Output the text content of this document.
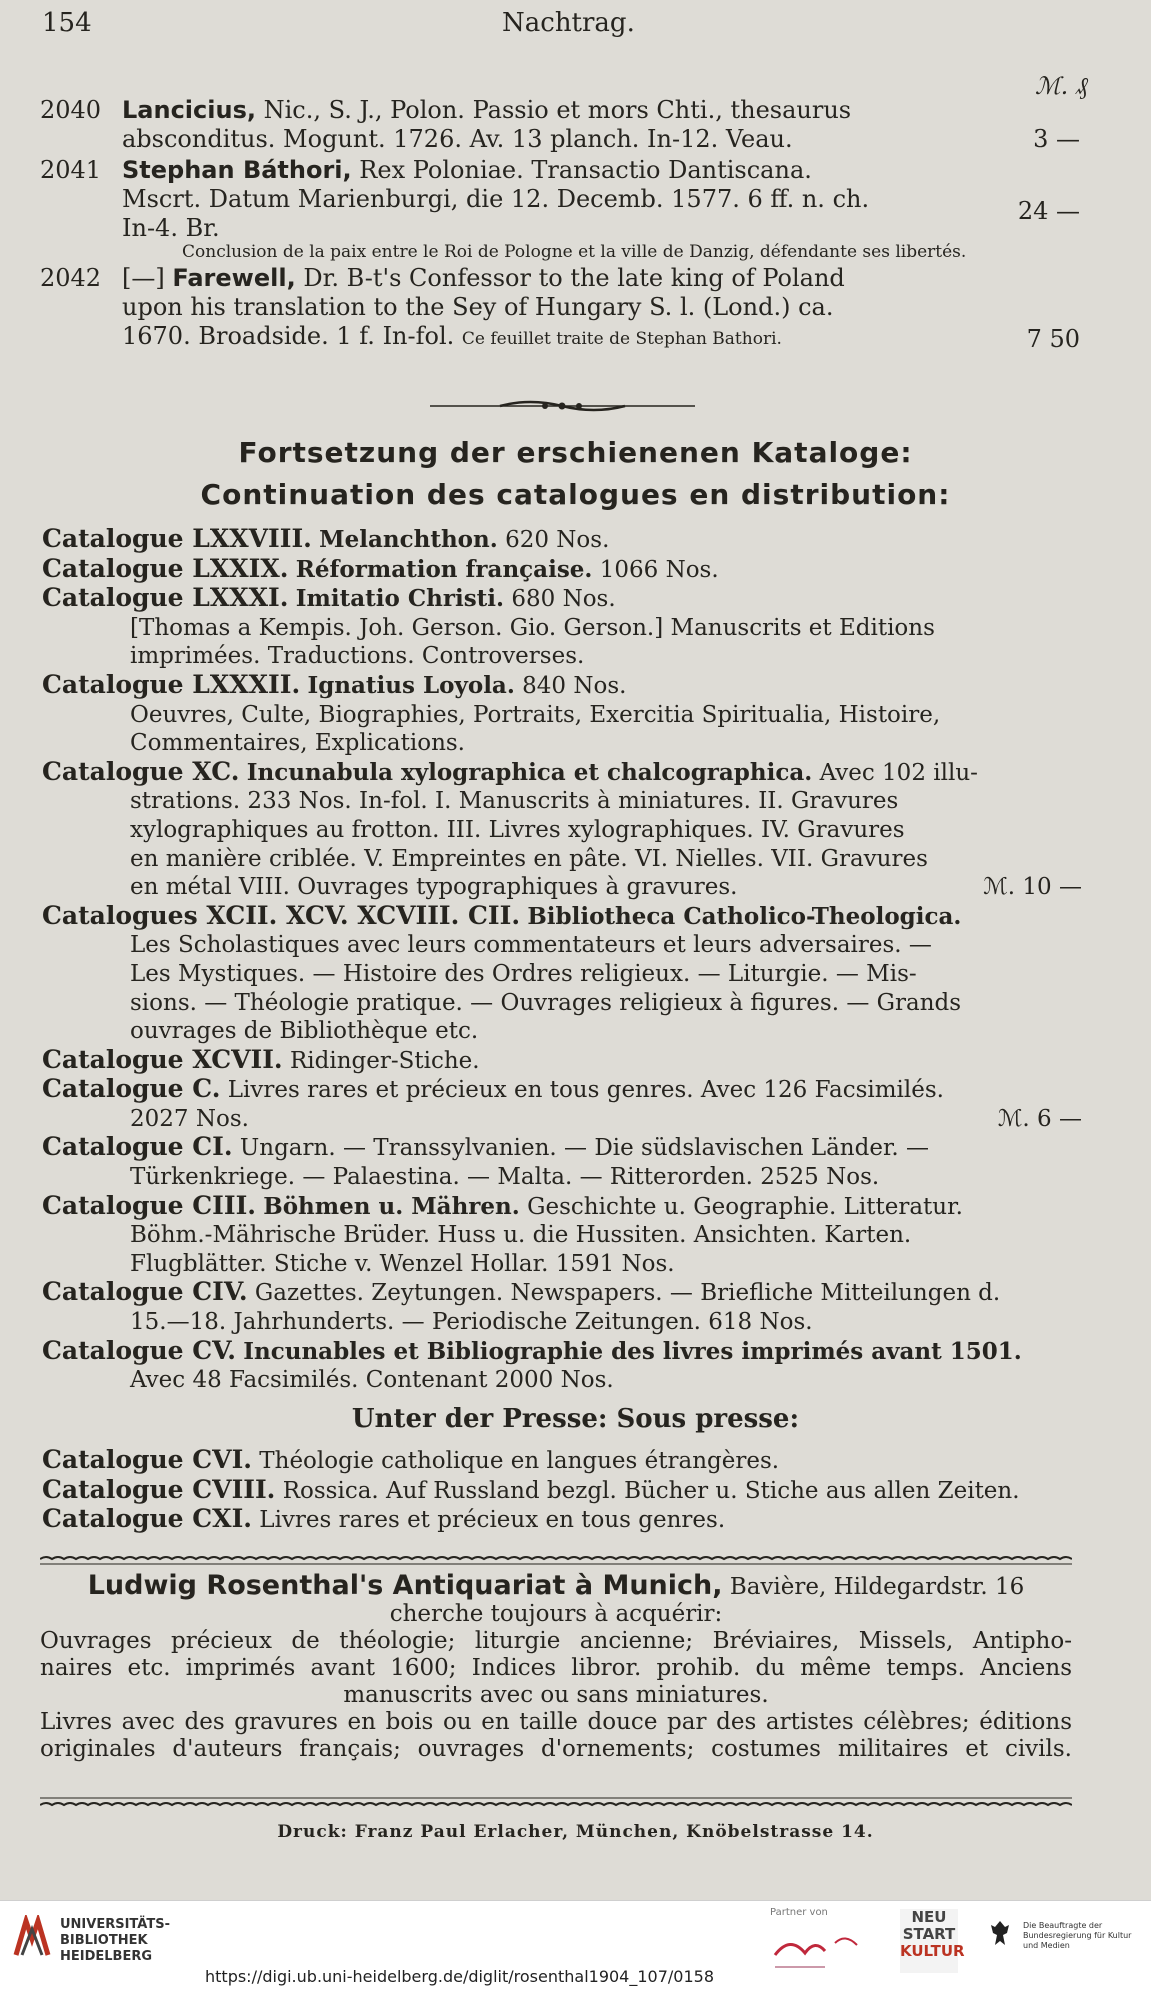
154	Nachtrag.
ℳ. ₰
2040 Lancicius, Nic., S. J., Polon. Passio et mors Chti., thesaurus
absconditus. Mogunt. 1726. Av. 13 planch. In-12. Veau.	3 —
2041 Stephan Báthori, Rex Poloniae. Transactio Dantiscana.
Mscrt. Datum Marienburgi, die 12. Decemb. 1577. 6 ff. n. ch.
In-4. Br.
Conclusion de la paix entre le Roi de Pologne et la ville de Danzig, défendante ses libertés.
24 —
2042 [—] Farewell, Dr. B-t's Confessor to the late king of Poland
upon his translation to the Sey of Hungary S. l. (Lond.) ca.
1670. Broadside. 1 f. In-fol. Ce feuillet traite de Stephan Bathori.	7 50
Fortsetzung der erschienenen Kataloge:
Continuation des catalogues en distribution:
Catalogue LXXVIII. Melanchthon. 620 Nos.
Catalogue LXXIX. Réformation française. 1066 Nos.
Catalogue LXXXI. Imitatio Christi. 680 Nos.
[Thomas a Kempis. Joh. Gerson. Gio. Gerson.] Manuscrits et Editions
imprimées. Traductions. Controverses.
Catalogue LXXXII. Ignatius Loyola. 840 Nos.
Oeuvres, Culte, Biographies, Portraits, Exercitia Spiritualia, Histoire,
Commentaires, Explications.
Catalogue XC. Incunabula xylographica et chalcographica. Avec 102 illu-
strations. 233 Nos. In-fol. I. Manuscrits à miniatures. II. Gravures
xylographiques au frotton. III. Livres xylographiques. IV. Gravures
en manière criblée. V. Empreintes en pâte. VI. Nielles. VII. Gravures
en métal VIII. Ouvrages typographiques à gravures.	ℳ. 10 —
Catalogues XCII. XCV. XCVIII. CII. Bibliotheca Catholico-Theologica.
Les Scholastiques avec leurs commentateurs et leurs adversaires. —
Les Mystiques. — Histoire des Ordres religieux. — Liturgie. — Mis-
sions. — Théologie pratique. — Ouvrages religieux à figures. — Grands
ouvrages de Bibliothèque etc.
Catalogue XCVII. Ridinger-Stiche.
Catalogue C. Livres rares et précieux en tous genres. Avec 126 Facsimilés.
2027 Nos.	ℳ. 6 —
Catalogue CI. Ungarn. — Transsylvanien. — Die südslavischen Länder. —
Türkenkriege. — Palaestina. — Malta. — Ritterorden. 2525 Nos.
Catalogue CIII. Böhmen u. Mähren. Geschichte u. Geographie. Litteratur.
Böhm.-Mährische Brüder. Huss u. die Hussiten. Ansichten. Karten.
Flugblätter. Stiche v. Wenzel Hollar. 1591 Nos.
Catalogue CIV. Gazettes. Zeytungen. Newspapers. — Briefliche Mitteilungen d.
15.—18. Jahrhunderts. — Periodische Zeitungen. 618 Nos.
Catalogue CV. Incunables et Bibliographie des livres imprimés avant 1501.
Avec 48 Facsimilés. Contenant 2000 Nos.
Unter der Presse: Sous presse:
Catalogue CVI. Théologie catholique en langues étrangères.
Catalogue CVIII. Rossica. Auf Russland bezgl. Bücher u. Stiche aus allen Zeiten.
Catalogue CXI. Livres rares et précieux en tous genres.
Ludwig Rosenthal's Antiquariat à Munich, Bavière, Hildegardstr. 16
cherche toujours à acquérir:
Ouvrages précieux de théologie; liturgie ancienne; Bréviaires, Missels, Antipho-
naires etc. imprimés avant 1600; Indices libror. prohib. du même temps. Anciens
manuscrits avec ou sans miniatures.
Livres avec des gravures en bois ou en taille douce par des artistes célèbres; éditions
originales d'auteurs français; ouvrages d'ornements; costumes militaires et civils.
Druck: Franz Paul Erlacher, München, Knöbelstrasse 14.
UNIVERSITÄTS-
BIBLIOTHEK
HEIDELBERG
Partner von	NEU
START
KULTUR
Die Beauftragte der Bundesregierung für Kultur und Medien
https://digi.ub.uni-heidelberg.de/diglit/rosenthal1904_107/0158
